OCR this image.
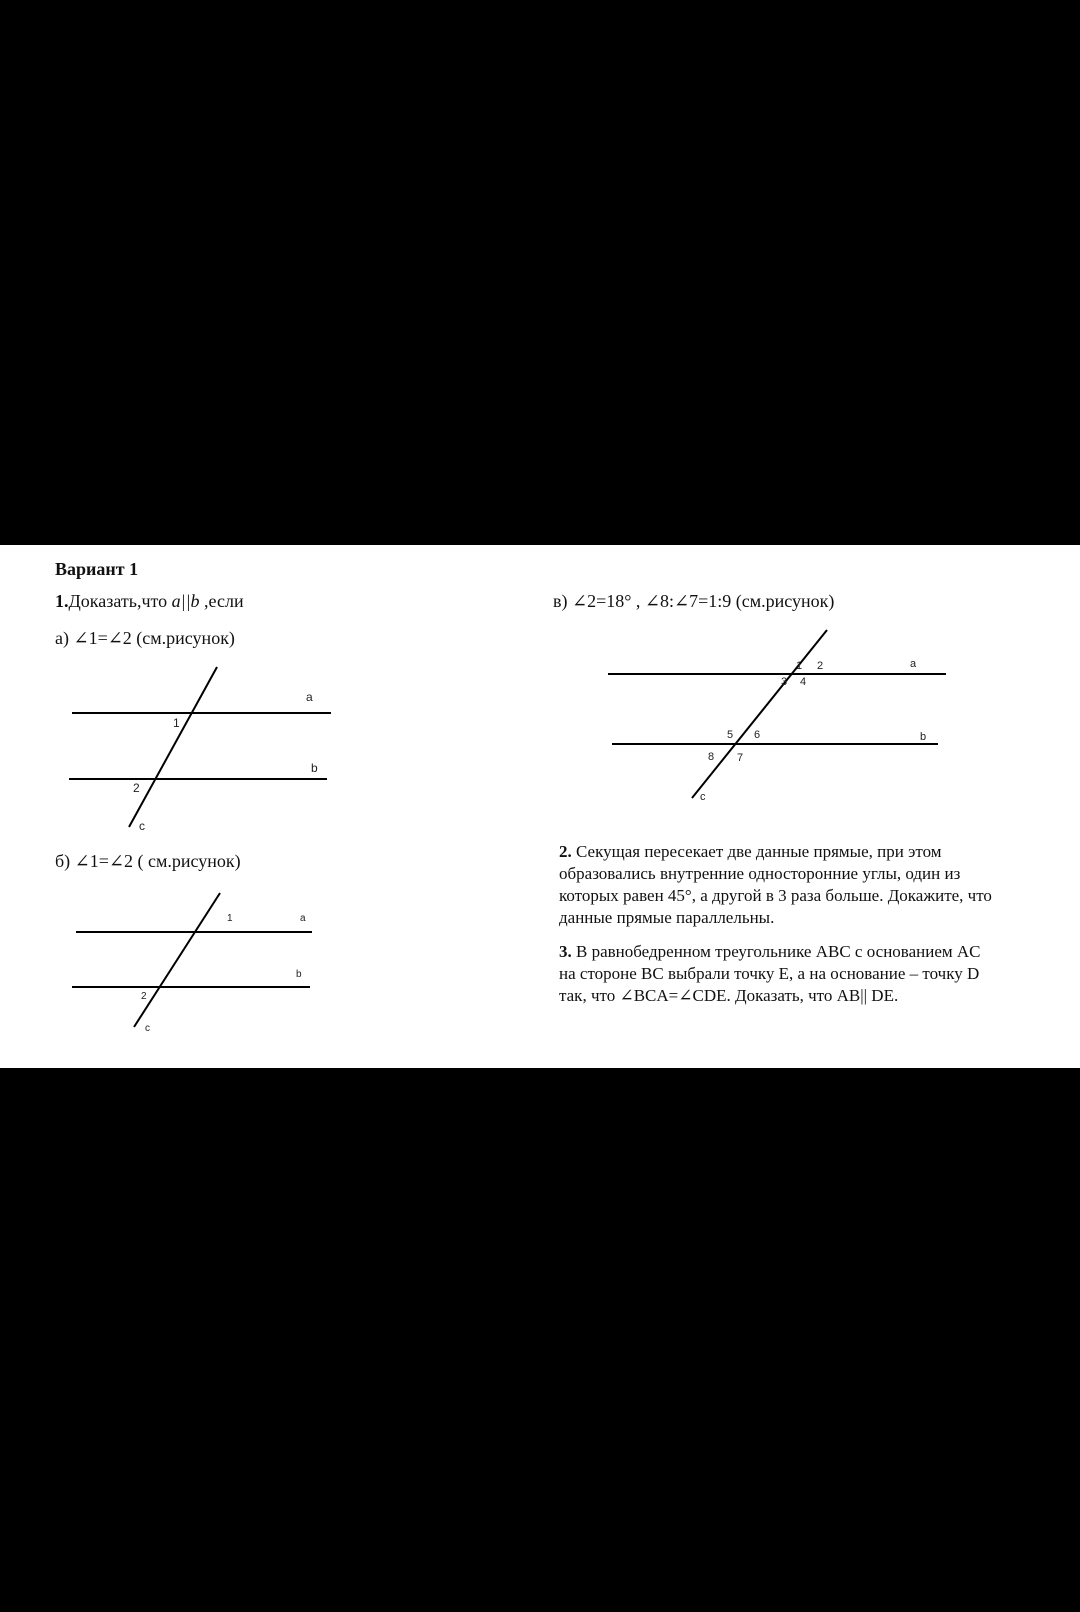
Вариант 1
1.Доказать,что a||b ,если
а) ∠1=∠2 (см.рисунок)
a
b
c
1
2
б) ∠1=∠2 ( см.рисунок)
a
b
c
1
2
в) ∠2=18° , ∠8:∠7=1:9 (см.рисунок)
a
b
c
1 2
3 4
5 6
7
8
2. Секущая пересекает две данные прямые, при этом образовались внутренние односторонние углы, один из которых равен 45°, а другой в 3 раза больше. Докажите, что данные прямые параллельны.
3. В равнобедренном треугольнике ABC с основанием AC на стороне BC выбрали точку E, а на основание – точку D так, что ∠BCA=∠CDE. Доказать, что AB|| DE.
